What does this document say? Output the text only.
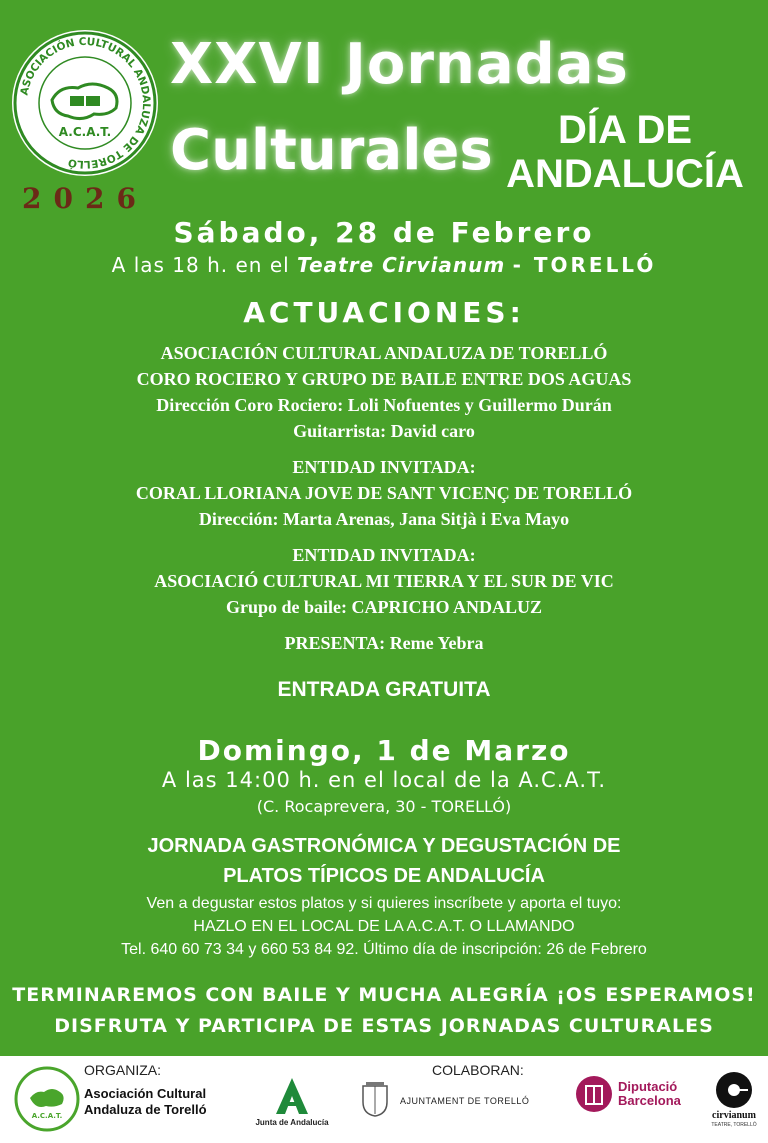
ASOCIACIÓN CULTURAL ANDALUZA DE TORELLÓ
A.C.A.T.
2026
XXVI Jornadas
Culturales	DÍA DE
ANDALUCÍA
Sábado, 28 de Febrero
A las 18 h. en el Teatre Cirvianum - TORELLÓ
ACTUACIONES:
ASOCIACIÓN CULTURAL ANDALUZA DE TORELLÓ
CORO ROCIERO Y GRUPO DE BAILE ENTRE DOS AGUAS
Dirección Coro Rociero: Loli Nofuentes y Guillermo Durán
Guitarrista: David caro
ENTIDAD INVITADA:
CORAL LLORIANA JOVE DE SANT VICENÇ DE TORELLÓ
Dirección: Marta Arenas, Jana Sitjà i Eva Mayo
ENTIDAD INVITADA:
ASOCIACIÓ CULTURAL MI TIERRA Y EL SUR DE VIC
Grupo de baile: CAPRICHO ANDALUZ
PRESENTA: Reme Yebra
ENTRADA GRATUITA
Domingo, 1 de Marzo
A las 14:00 h. en el local de la A.C.A.T.
(C. Rocaprevera, 30 - TORELLÓ)
JORNADA GASTRONÓMICA Y DEGUSTACIÓN DE
PLATOS TÍPICOS DE ANDALUCÍA
Ven a degustar estos platos y si quieres inscríbete y aporta el tuyo:
HAZLO EN EL LOCAL DE LA A.C.A.T. O LLAMANDO
Tel. 640 60 73 34 y 660 53 84 92. Último día de inscripción: 26 de Febrero
TERMINAREMOS CON BAILE Y MUCHA ALEGRÍA ¡OS ESPERAMOS!
DISFRUTA Y PARTICIPA DE ESTAS JORNADAS CULTURALES
A.C.A.T.
ORGANIZA:
Asociación Cultural
Andaluza de Torelló
Junta de Andalucía
COLABORAN:
AJUNTAMENT DE TORELLÓ
Diputació
Barcelona
cirvianum
TEATRE, TORELLÓ
